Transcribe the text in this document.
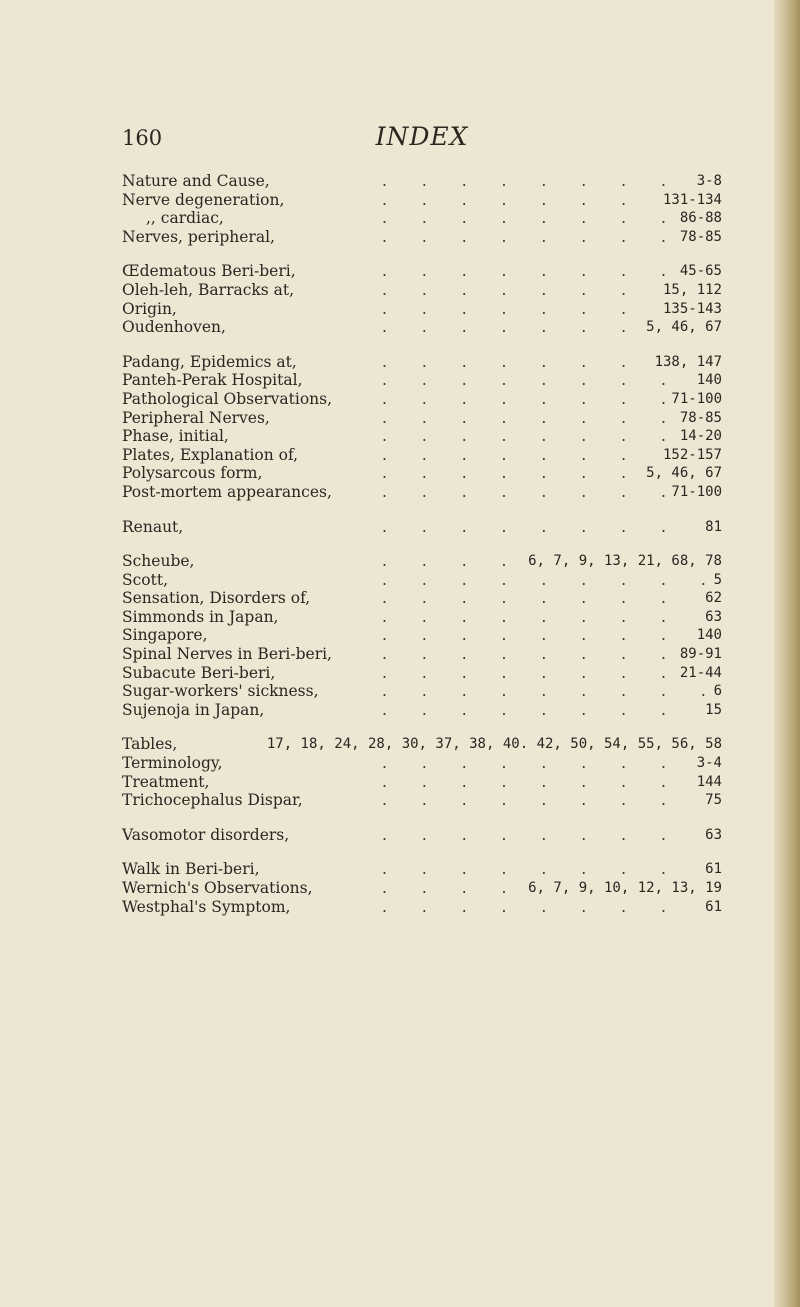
160	INDEX
. . .
Nature and Cause,	3-8
. . .
Nerve degeneration,	131-134
. . .
,, cardiac,	86-88
. . .
Nerves, peripheral,	78-85
. . .
Œdematous Beri-beri,	45-65
. . .
Oleh-leh, Barracks at,	15, 112
. . .
Origin,	135-143
. . .
Oudenhoven,	5, 46, 67
. . .
Padang, Epidemics at,	138, 147
. . .
Panteh-Perak Hospital,	140
. . .
Pathological Observations,	71-100
. . .
Peripheral Nerves,	78-85
. . .
Phase, initial,	14-20
. . .
Plates, Explanation of,	152-157
. . .
Polysarcous form,	5, 46, 67
. . .
Post-mortem appearances,	71-100
. . .
Renaut,	81
. . .
Scheube,	6, 7, 9, 13, 21, 68, 78
. . .
Scott,	5
. . .
Sensation, Disorders of,	62
. . .
Simmonds in Japan,	63
. . .
Singapore,	140
. . .
Spinal Nerves in Beri-beri,	89-91
. . .
Subacute Beri-beri,	21-44
. . .
Sugar-workers' sickness,	6
. . .
Sujenoja in Japan,	15
. . .
Tables,	17, 18, 24, 28, 30, 37, 38, 40. 42, 50, 54, 55, 56, 58
. . .
Terminology,	3-4
. . .
Treatment,	144
. . .
Trichocephalus Dispar,	75
. . .
Vasomotor disorders,	63
. . .
Walk in Beri-beri,	61
. . .
Wernich's Observations,	6, 7, 9, 10, 12, 13, 19
. . .
Westphal's Symptom,	61
